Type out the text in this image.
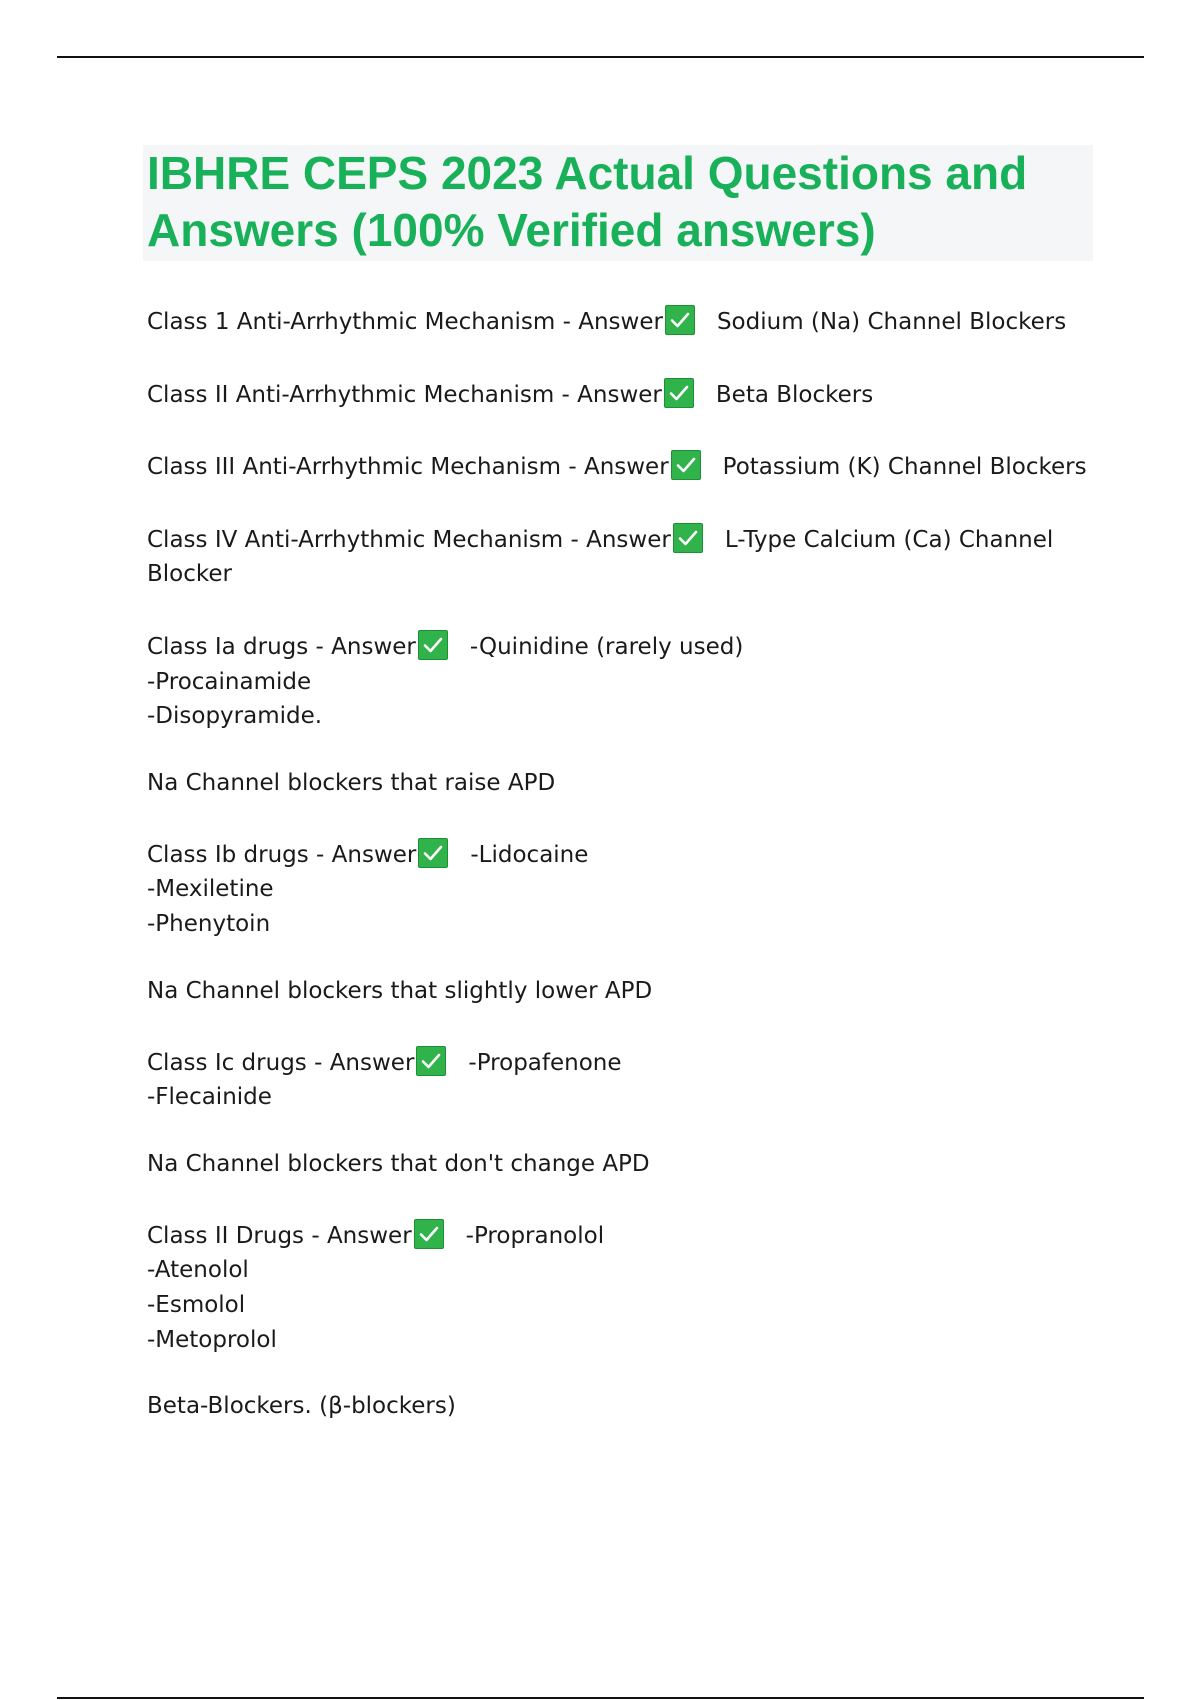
IBHRE CEPS 2023 Actual Questions and Answers (100% Verified answers)
Class 1 Anti-Arrhythmic Mechanism - Answer Sodium (Na) Channel Blockers
Class II Anti-Arrhythmic Mechanism - Answer Beta Blockers
Class III Anti-Arrhythmic Mechanism - Answer Potassium (K) Channel Blockers
Class IV Anti-Arrhythmic Mechanism - Answer L-Type Calcium (Ca) Channel Blocker
Class Ia drugs - Answer -Quinidine (rarely used)
-Procainamide
-Disopyramide.
Na Channel blockers that raise APD
Class Ib drugs - Answer -Lidocaine
-Mexiletine
-Phenytoin
Na Channel blockers that slightly lower APD
Class Ic drugs - Answer -Propafenone
-Flecainide
Na Channel blockers that don't change APD
Class II Drugs - Answer -Propranolol
-Atenolol
-Esmolol
-Metoprolol
Beta-Blockers. (β-blockers)
